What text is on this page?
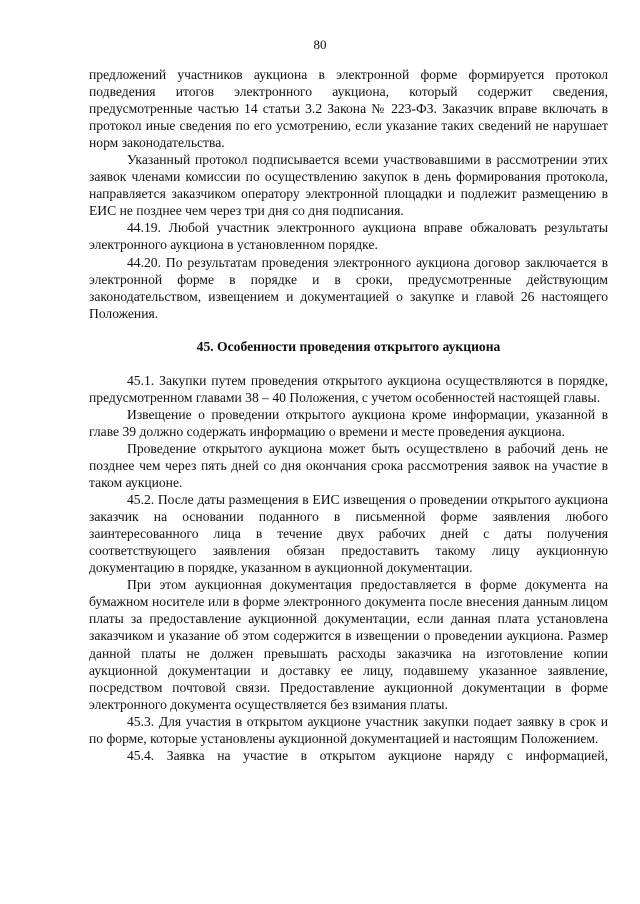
80

предложений участников аукциона в электронной форме формируется протокол подведения итогов электронного аукциона, который содержит сведения, предусмотренные частью 14 статьи 3.2 Закона № 223-ФЗ. Заказчик вправе включать в протокол иные сведения по его усмотрению, если указание таких сведений не нарушает норм законодательства.

Указанный протокол подписывается всеми участвовавшими в рассмотрении этих заявок членами комиссии по осуществлению закупок в день формирования протокола, направляется заказчиком оператору электронной площадки и подлежит размещению в ЕИС не позднее чем через три дня со дня подписания.

44.19. Любой участник электронного аукциона вправе обжаловать результаты электронного аукциона в установленном порядке.

44.20. По результатам проведения электронного аукциона договор заключается в электронной форме в порядке и в сроки, предусмотренные действующим законодательством, извещением и документацией о закупке и главой 26 настоящего Положения.

45. Особенности проведения открытого аукциона

45.1. Закупки путем проведения открытого аукциона осуществляются в порядке, предусмотренном главами 38 – 40 Положения, с учетом особенностей настоящей главы.

Извещение о проведении открытого аукциона кроме информации, указанной в главе 39 должно содержать информацию о времени и месте проведения аукциона.

Проведение открытого аукциона может быть осуществлено в рабочий день не позднее чем через пять дней со дня окончания срока рассмотрения заявок на участие в таком аукционе.

45.2. После даты размещения в ЕИС извещения о проведении открытого аукциона заказчик на основании поданного в письменной форме заявления любого заинтересованного лица в течение двух рабочих дней с даты получения соответствующего заявления обязан предоставить такому лицу аукционную документацию в порядке, указанном в аукционной документации.

При этом аукционная документация предоставляется в форме документа на бумажном носителе или в форме электронного документа после внесения данным лицом платы за предоставление аукционной документации, если данная плата установлена заказчиком и указание об этом содержится в извещении о проведении аукциона. Размер данной платы не должен превышать расходы заказчика на изготовление копии аукционной документации и доставку ее лицу, подавшему указанное заявление, посредством почтовой связи. Предоставление аукционной документации в форме электронного документа осуществляется без взимания платы.

45.3. Для участия в открытом аукционе участник закупки подает заявку в срок и по форме, которые установлены аукционной документацией и настоящим Положением.

45.4. Заявка на участие в открытом аукционе наряду с информацией,
